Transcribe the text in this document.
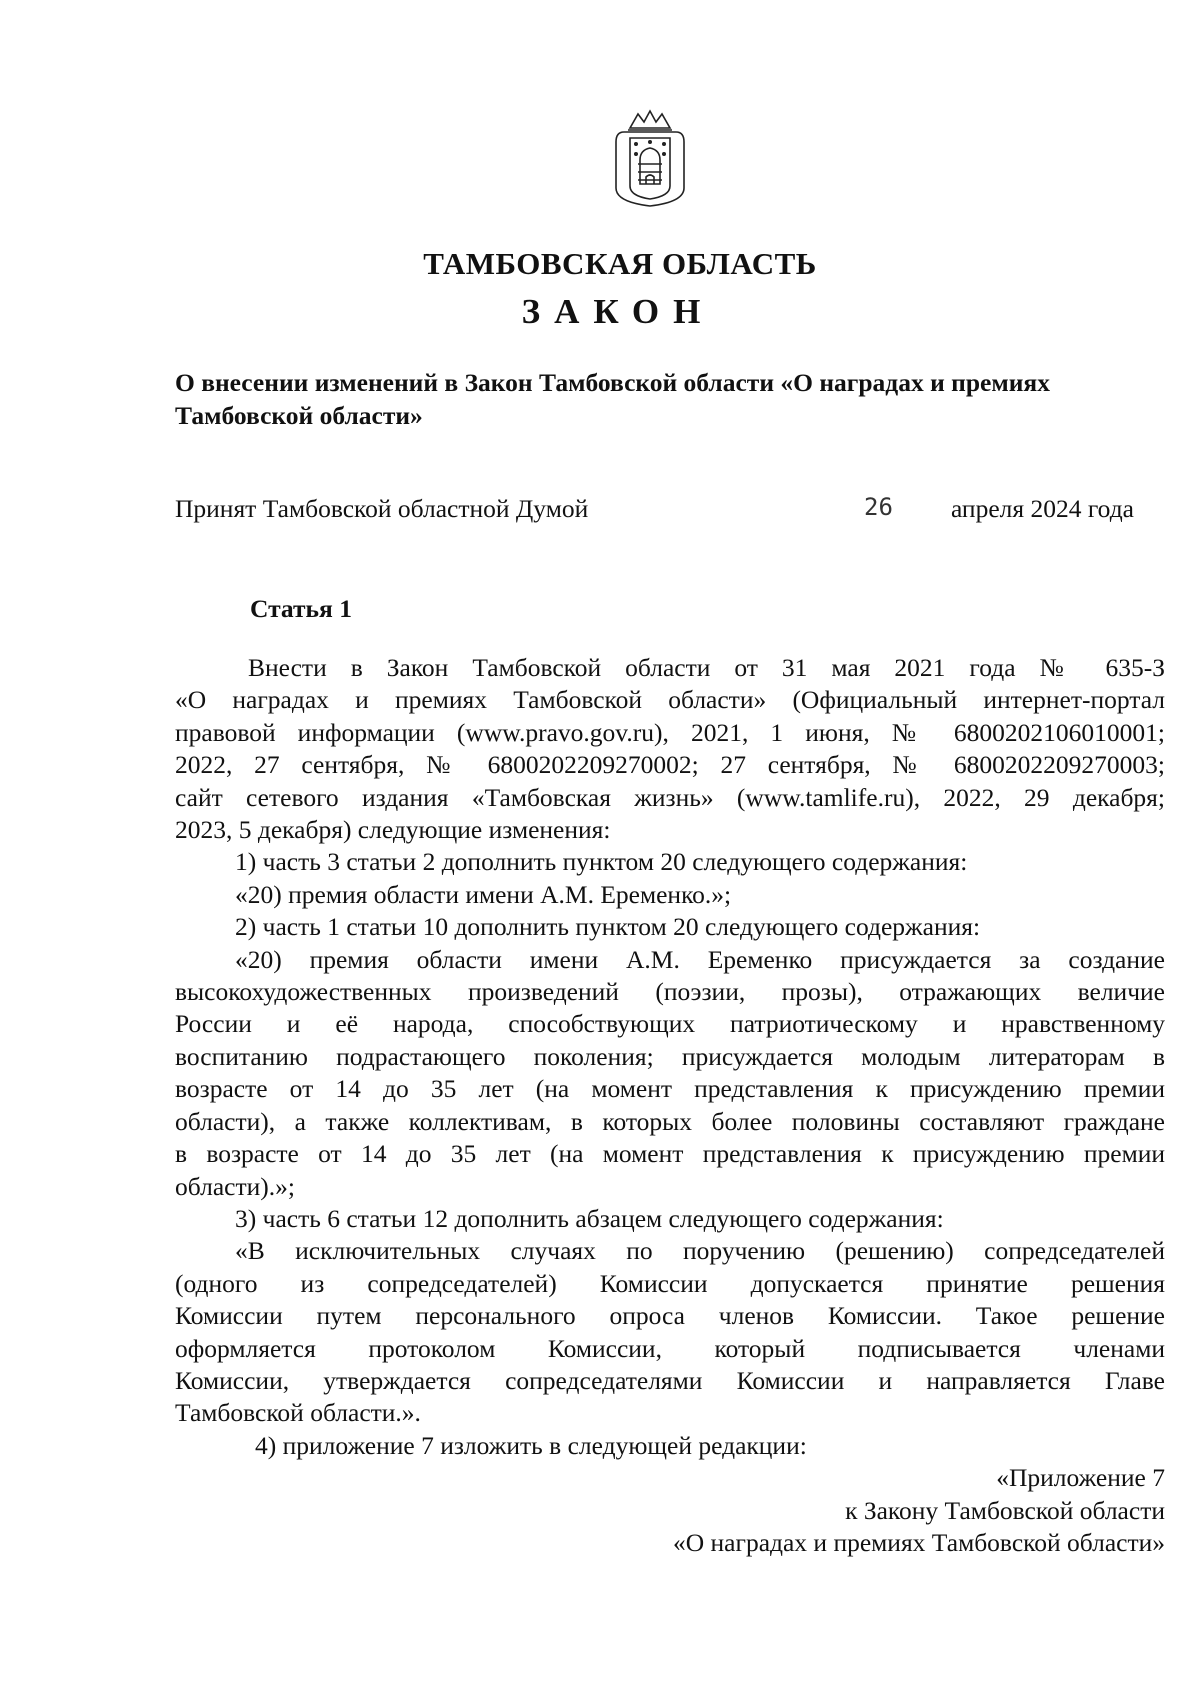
ТАМБОВСКАЯ ОБЛАСТЬ
ЗАКОН
О внесении изменений в Закон Тамбовской области «О наградах и премиях Тамбовской области»
Принят Тамбовской областной Думой	26 апреля 2024 года
Статья 1

Внести в Закон Тамбовской области от 31 мая 2021 года № 635-З

«О наградах и премиях Тамбовской области» (Официальный интернет-портал

правовой информации (www.pravo.gov.ru), 2021, 1 июня, № 6800202106010001;

2022, 27 сентября, № 6800202209270002; 27 сентября, № 6800202209270003;

сайт сетевого издания «Тамбовская жизнь» (www.tamlife.ru), 2022, 29 декабря;

2023, 5 декабря) следующие изменения:

1) часть 3 статьи 2 дополнить пунктом 20 следующего содержания:

«20) премия области имени А.М. Еременко.»;

2) часть 1 статьи 10 дополнить пунктом 20 следующего содержания:

«20) премия области имени А.М. Еременко присуждается за создание

высокохудожественных произведений (поэзии, прозы), отражающих величие

России и её народа, способствующих патриотическому и нравственному

воспитанию подрастающего поколения; присуждается молодым литераторам в

возрасте от 14 до 35 лет (на момент представления к присуждению премии

области), а также коллективам, в которых более половины составляют граждане

в возрасте от 14 до 35 лет (на момент представления к присуждению премии

области).»;

3) часть 6 статьи 12 дополнить абзацем следующего содержания:

«В исключительных случаях по поручению (решению) сопредседателей

(одного из сопредседателей) Комиссии допускается принятие решения

Комиссии путем персонального опроса членов Комиссии. Такое решение

оформляется протоколом Комиссии, который подписывается членами

Комиссии, утверждается сопредседателями Комиссии и направляется Главе

Тамбовской области.».

4) приложение 7 изложить в следующей редакции:

«Приложение 7

к Закону Тамбовской области

«О наградах и премиях Тамбовской области»
